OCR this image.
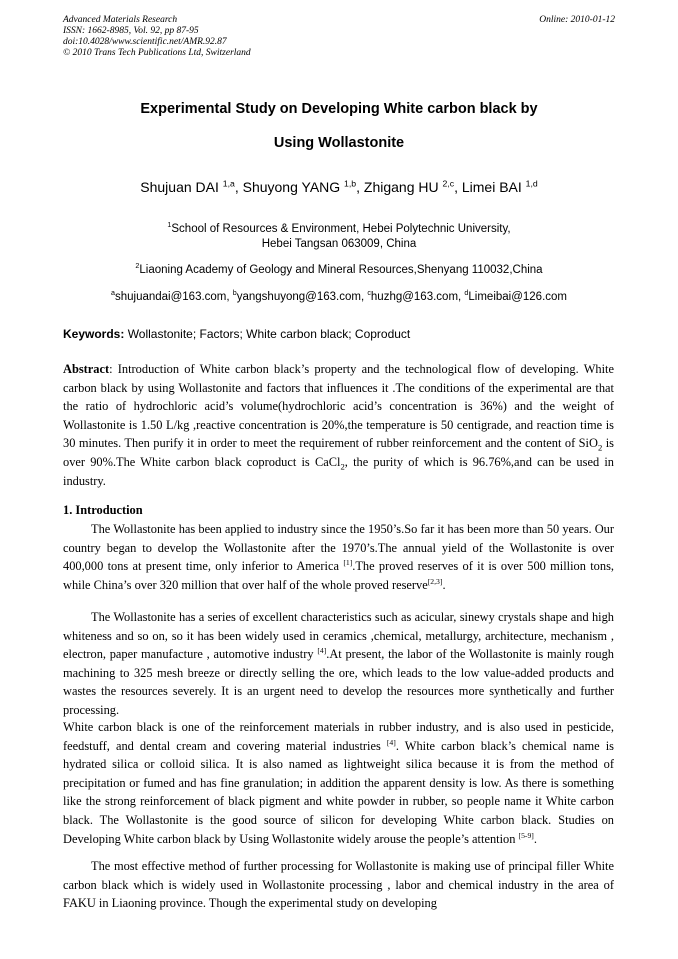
Advanced Materials Research
ISSN: 1662-8985, Vol. 92, pp 87-95
doi:10.4028/www.scientific.net/AMR.92.87
© 2010 Trans Tech Publications Ltd, Switzerland
Online: 2010-01-12
Experimental Study on Developing White carbon black by
Using Wollastonite
Shujuan DAI $^{1,a}$, Shuyong YANG $^{1,b}$, Zhigang HU $^{2,c}$, Limei BAI $^{1,d}$
$^1$School of Resources & Environment, Hebei Polytechnic University,
Hebei Tangsan 063009, China
$^2$Liaoning Academy of Geology and Mineral Resources,Shenyang 110032,China
$^a$shujuandai@163.com, $^b$yangshuyong@163.com, $^c$huzhg@163.com, $^d$Limeibai@126.com
Keywords: Wollastonite; Factors; White carbon black; Coproduct
Abstract: Introduction of White carbon black’s property and the technological flow of developing. White carbon black by using Wollastonite and factors that influences it .The conditions of the experimental are that the ratio of hydrochloric acid’s volume(hydrochloric acid’s concentration is 36%) and the weight of Wollastonite is 1.50 L/kg ,reactive concentration is 20%,the temperature is 50 centigrade, and reaction time is 30 minutes. Then purify it in order to meet the requirement of rubber reinforcement and the content of SiO$_2$ is over 90%.The White carbon black coproduct is CaCl$_2$, the purity of which is 96.76%,and can be used in industry.
1. Introduction
The Wollastonite has been applied to industry since the 1950’s.So far it has been more than 50 years. Our country began to develop the Wollastonite after the 1970’s.The annual yield of the Wollastonite is over 400,000 tons at present time, only inferior to America [1].The proved reserves of it is over 500 million tons, while China’s over 320 million that over half of the whole proved reserve[2,3].
The Wollastonite has a series of excellent characteristics such as acicular, sinewy crystals shape and high whiteness and so on, so it has been widely used in ceramics ,chemical, metallurgy, architecture, mechanism , electron, paper manufacture , automotive industry [4].At present, the labor of the Wollastonite is mainly rough machining to 325 mesh breeze or directly selling the ore, which leads to the low value-added products and wastes the resources severely. It is an urgent need to develop the resources more synthetically and further processing.
White carbon black is one of the reinforcement materials in rubber industry, and is also used in pesticide, feedstuff, and dental cream and covering material industries [4]. White carbon black’s chemical name is hydrated silica or colloid silica. It is also named as lightweight silica because it is from the method of precipitation or fumed and has fine granulation; in addition the apparent density is low. As there is something like the strong reinforcement of black pigment and white powder in rubber, so people name it White carbon black. The Wollastonite is the good source of silicon for developing White carbon black. Studies on Developing White carbon black by Using Wollastonite widely arouse the people’s attention [5-9].
The most effective method of further processing for Wollastonite is making use of principal filler White carbon black which is widely used in Wollastonite processing , labor and chemical industry in the area of FAKU in Liaoning province. Though the experimental study on developing
